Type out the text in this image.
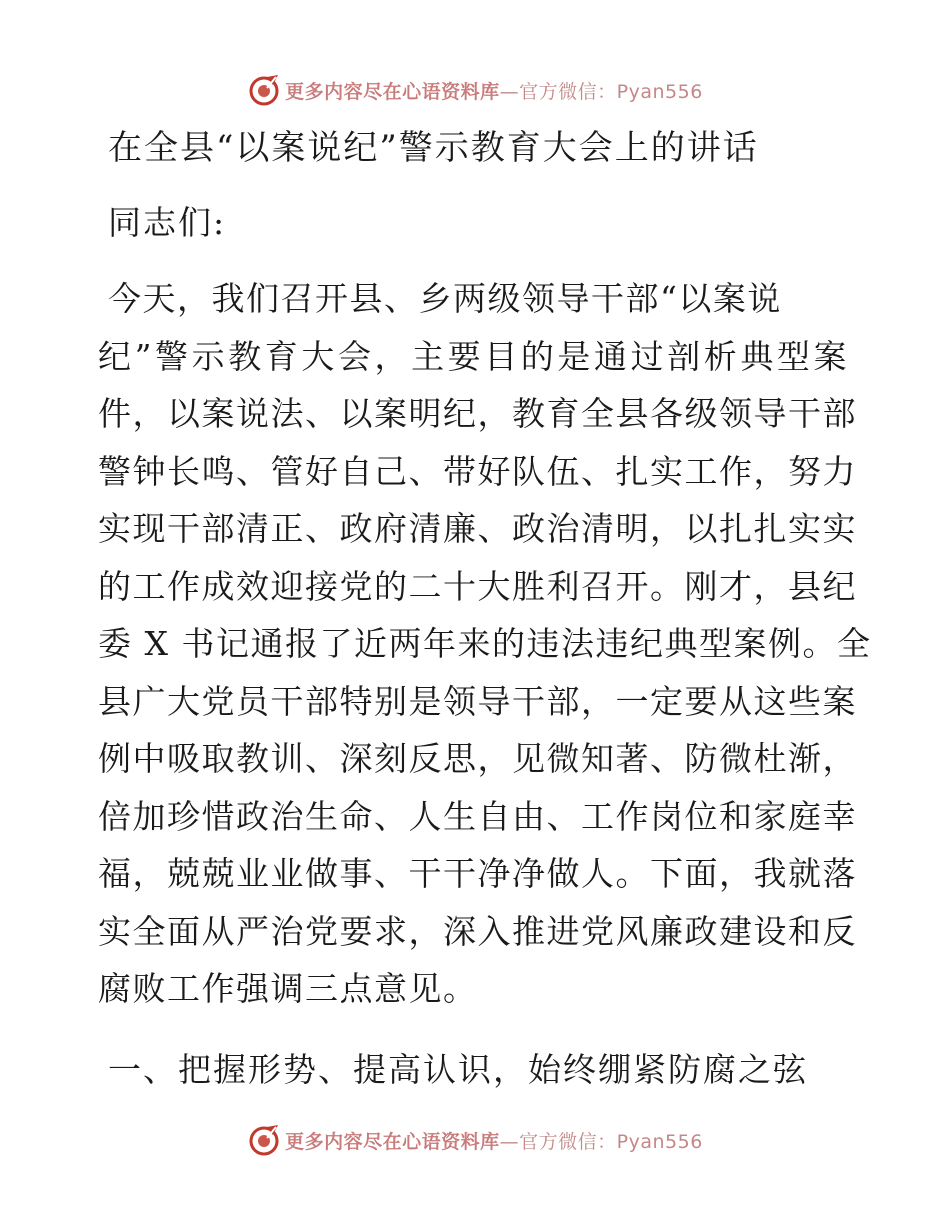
更多内容尽在心语资料库—官方微信：Pyan556
在全县“以案说纪”警示教育大会上的讲话
同志们:
今天，我们召开县、乡两级领导干部“以案说
纪”警示教育大会，主要目的是通过剖析典型案
件，以案说法、以案明纪，教育全县各级领导干部
警钟长鸣、管好自己、带好队伍、扎实工作，努力
实现干部清正、政府清廉、政治清明，以扎扎实实
的工作成效迎接党的二十大胜利召开。刚才，县纪
委 X 书记通报了近两年来的违法违纪典型案例。全
县广大党员干部特别是领导干部，一定要从这些案
例中吸取教训、深刻反思，见微知著、防微杜渐，
倍加珍惜政治生命、人生自由、工作岗位和家庭幸
福，兢兢业业做事、干干净净做人。下面，我就落
实全面从严治党要求，深入推进党风廉政建设和反
腐败工作强调三点意见。
一、把握形势、提高认识，始终绷紧防腐之弦
更多内容尽在心语资料库—官方微信：Pyan556
